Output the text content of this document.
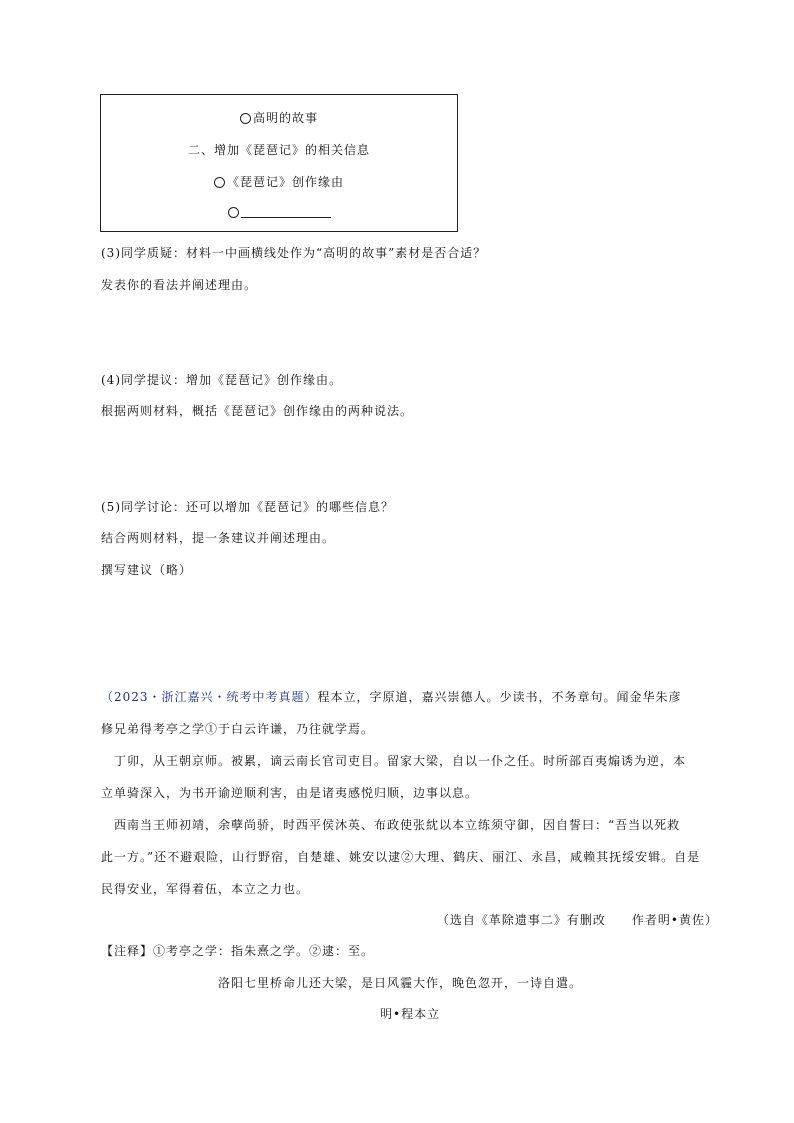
高明的故事
二、增加《琵琶记》的相关信息
《琵琶记》创作缘由
(3)同学质疑：材料一中画横线处作为“高明的故事”素材是否合适？
发表你的看法并阐述理由。
(4)同学提议：增加《琵琶记》创作缘由。
根据两则材料，概括《琵琶记》创作缘由的两种说法。
(5)同学讨论：还可以增加《琵琶记》的哪些信息？
结合两则材料，提一条建议并阐述理由。
撰写建议（略）
（2023・浙江嘉兴・统考中考真题）程本立，字原道，嘉兴崇德人。少读书，不务章句。闻金华朱彦
修兄弟得考亭之学①于白云许谦，乃往就学焉。
丁卯，从王朝京师。被累，谪云南长官司吏目。留家大梁，自以一仆之任。时所部百夷煽诱为逆，本
立单骑深入，为书开谕逆顺利害，由是诸夷感悦归顺，边事以息。
西南当王师初靖，余孽尚骄，时西平侯沐英、布政使张紞以本立练须守御，因自誓曰：“吾当以死救
此一方。”还不避艰险，山行野宿，自楚雄、姚安以逮②大理、鹤庆、丽江、永昌，咸赖其抚绥安辑。自是
民得安业，军得着伍，本立之力也。
（选自《革除遗事二》有删改　　作者明•黄佐）
【注释】①考亭之学：指朱熹之学。②逮：至。
洛阳七里桥命儿还大梁，是日风霾大作，晚色忽开，一诗自遣。
明•程本立
